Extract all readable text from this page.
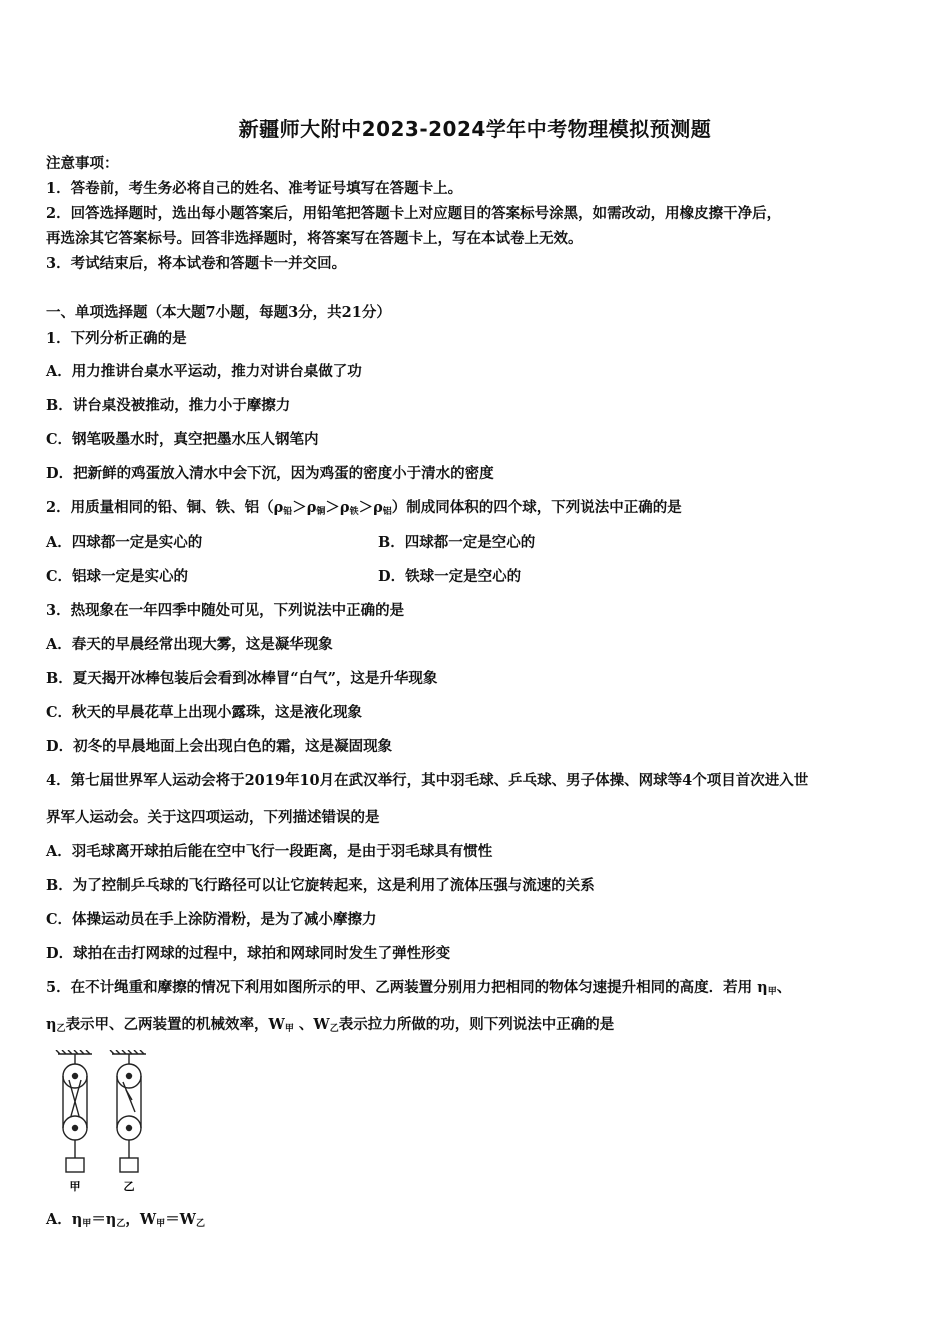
新疆师大附中2023-2024学年中考物理模拟预测题
注意事项：
1．答卷前，考生务必将自己的姓名、准考证号填写在答题卡上。
2．回答选择题时，选出每小题答案后，用铅笔把答题卡上对应题目的答案标号涂黑，如需改动，用橡皮擦干净后，
再选涂其它答案标号。回答非选择题时，将答案写在答题卡上，写在本试卷上无效。
3．考试结束后，将本试卷和答题卡一并交回。
一、单项选择题（本大题7小题，每题3分，共21分）
1．下列分析正确的是
A．用力推讲台桌水平运动，推力对讲台桌做了功
B．讲台桌没被推动，推力小于摩擦力
C．钢笔吸墨水时，真空把墨水压人钢笔内
D．把新鲜的鸡蛋放入清水中会下沉，因为鸡蛋的密度小于清水的密度
2．用质量相同的铅、铜、铁、铝$(\rho_铅>\rho_铜>\rho_铁>\rho_铝)$制成同体积的四个球，下列说法中正确的是
A．四球都一定是实心的	B．四球都一定是空心的
C．铝球一定是实心的	D．铁球一定是空心的
3．热现象在一年四季中随处可见，下列说法中正确的是
A．春天的早晨经常出现大雾，这是凝华现象
B．夏天揭开冰棒包装后会看到冰棒冒“白气”，这是升华现象
C．秋天的早晨花草上出现小露珠，这是液化现象
D．初冬的早晨地面上会出现白色的霜，这是凝固现象
4．第七届世界军人运动会将于2019年10月在武汉举行，其中羽毛球、乒乓球、男子体操、网球等4个项目首次进入世
界军人运动会。关于这四项运动，下列描述错误的是
A．羽毛球离开球拍后能在空中飞行一段距离，是由于羽毛球具有惯性
B．为了控制乒乓球的飞行路径可以让它旋转起来，这是利用了流体压强与流速的关系
C．体操运动员在手上涂防滑粉，是为了减小摩擦力
D．球拍在击打网球的过程中，球拍和网球同时发生了弹性形变
5．在不计绳重和摩擦的情况下利用如图所示的甲、乙两装置分别用力把相同的物体匀速提升相同的高度．若用 $\eta_甲$、
$\eta_乙$表示甲、乙两装置的机械效率，$W_甲$ 、$W_乙$表示拉力所做的功，则下列说法中正确的是
甲	乙
A．$\eta_甲=\eta_乙$，$W_甲=W_乙$
